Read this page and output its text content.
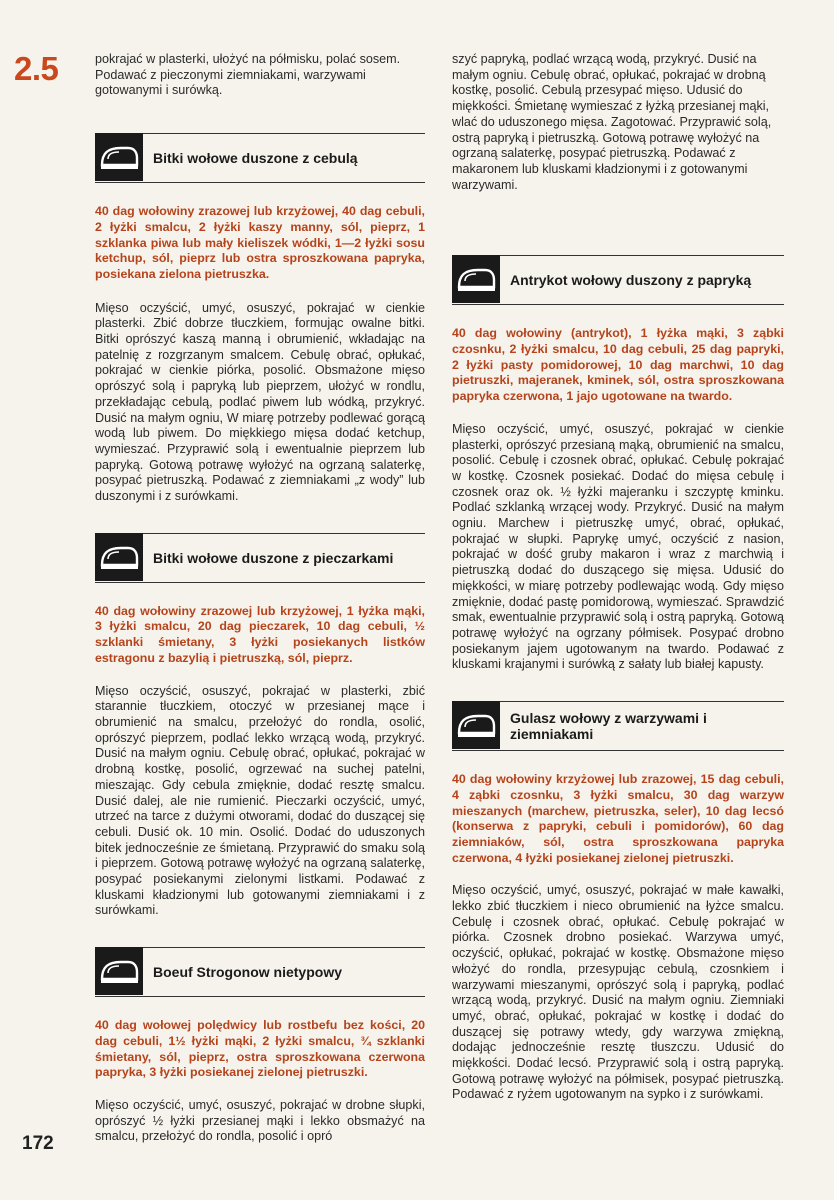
2.5	pokrajać w plasterki, ułożyć na półmisku, polać sosem. Podawać z pieczonymi ziemniakami, warzywami gotowanymi i surówką.

Bitki wołowe duszone z cebulą

40 dag wołowiny zrazowej lub krzyżowej, 40 dag cebuli, 2 łyżki smalcu, 2 łyżki kaszy manny, sól, pieprz, 1 szklanka piwa lub mały kieliszek wódki, 1—2 łyżki sosu ketchup, sól, pieprz lub ostra sproszkowana papryka, posiekana zielona pietruszka.

Mięso oczyścić, umyć, osuszyć, pokrajać w cienkie plasterki. Zbić dobrze tłuczkiem, formując owalne bitki. Bitki oprószyć kaszą manną i obrumienić, wkładając na patelnię z rozgrzanym smalcem. Cebulę obrać, opłukać, pokrajać w cienkie piórka, posolić. Obsmażone mięso oprószyć solą i papryką lub pieprzem, ułożyć w rondlu, przekładając cebulą, podlać piwem lub wódką, przykryć. Dusić na małym ogniu, W miarę potrzeby podlewać gorącą wodą lub piwem. Do miękkiego mięsa dodać ketchup, wymieszać. Przyprawić solą i ewentualnie pieprzem lub papryką. Gotową potrawę wyłożyć na ogrzaną salaterkę, posypać pietruszką. Podawać z ziemniakami „z wody” lub duszonymi i z surówkami.

Bitki wołowe duszone z pieczarkami

40 dag wołowiny zrazowej lub krzyżowej, 1 łyżka mąki, 3 łyżki smalcu, 20 dag pieczarek, 10 dag cebuli, ½ szklanki śmietany, 3 łyżki posiekanych listków estragonu z bazylią i pietruszką, sól, pieprz.

Mięso oczyścić, osuszyć, pokrajać w plasterki, zbić starannie tłuczkiem, otoczyć w przesianej mące i obrumienić na smalcu, przełożyć do rondla, osolić, oprószyć pieprzem, podlać lekko wrzącą wodą, przykryć. Dusić na małym ogniu. Cebulę obrać, opłukać, pokrajać w drobną kostkę, posolić, ogrzewać na suchej patelni, mieszając. Gdy cebula zmięknie, dodać resztę smalcu. Dusić dalej, ale nie rumienić. Pieczarki oczyścić, umyć, utrzeć na tarce z dużymi otworami, dodać do duszącej się cebuli. Dusić ok. 10 min. Osolić. Dodać do uduszonych bitek jednocześnie ze śmietaną. Przyprawić do smaku solą i pieprzem. Gotową potrawę wyłożyć na ogrzaną salaterkę, posypać posiekanymi zielonymi listkami. Podawać z kluskami kładzionymi lub gotowanymi ziemniakami i z surówkami.

Boeuf Strogonow nietypowy

40 dag wołowej polędwicy lub rostbefu bez kości, 20 dag cebuli, 1½ łyżki mąki, 2 łyżki smalcu, ¾ szklanki śmietany, sól, pieprz, ostra sproszkowana czerwona papryka, 3 łyżki posiekanej zielonej pietruszki.

Mięso oczyścić, umyć, osuszyć, pokrajać w drobne słupki, oprószyć ½ łyżki przesianej mąki i lekko obsmażyć na smalcu, przełożyć do rondla, posolić i opró

szyć papryką, podlać wrzącą wodą, przykryć. Dusić na małym ogniu. Cebulę obrać, opłukać, pokrajać w drobną kostkę, posolić. Cebulą przesypać mięso. Udusić do miękkości. Śmietanę wymieszać z łyżką przesianej mąki, wlać do uduszonego mięsa. Zagotować. Przyprawić solą, ostrą papryką i pietruszką. Gotową potrawę wyłożyć na ogrzaną salaterkę, posypać pietruszką. Podawać z makaronem lub kluskami kładzionymi i z gotowanymi warzywami.

Antrykot wołowy duszony z papryką

40 dag wołowiny (antrykot), 1 łyżka mąki, 3 ząbki czosnku, 2 łyżki smalcu, 10 dag cebuli, 25 dag papryki, 2 łyżki pasty pomidorowej, 10 dag marchwi, 10 dag pietruszki, majeranek, kminek, sól, ostra sproszkowana papryka czerwona, 1 jajo ugotowane na twardo.

Mięso oczyścić, umyć, osuszyć, pokrajać w cienkie plasterki, oprószyć przesianą mąką, obrumienić na smalcu, posolić. Cebulę i czosnek obrać, opłukać. Cebulę pokrajać w kostkę. Czosnek posiekać. Dodać do mięsa cebulę i czosnek oraz ok. ½ łyżki majeranku i szczyptę kminku. Podlać szklanką wrzącej wody. Przykryć. Dusić na małym ogniu. Marchew i pietruszkę umyć, obrać, opłukać, pokrajać w słupki. Paprykę umyć, oczyścić z nasion, pokrajać w dość gruby makaron i wraz z marchwią i pietruszką dodać do duszącego się mięsa. Udusić do miękkości, w miarę potrzeby podlewając wodą. Gdy mięso zmięknie, dodać pastę pomidorową, wymieszać. Sprawdzić smak, ewentualnie przyprawić solą i ostrą papryką. Gotową potrawę wyłożyć na ogrzany półmisek. Posypać drobno posiekanym jajem ugotowanym na twardo. Podawać z kluskami krajanymi i surówką z sałaty lub białej kapusty.

Gulasz wołowy z warzywami i ziemniakami

40 dag wołowiny krzyżowej lub zrazowej, 15 dag cebuli, 4 ząbki czosnku, 3 łyżki smalcu, 30 dag warzyw mieszanych (marchew, pietruszka, seler), 10 dag lecsó (konserwa z papryki, cebuli i pomidorów), 60 dag ziemniaków, sól, ostra sproszkowana papryka czerwona, 4 łyżki posiekanej zielonej pietruszki.

Mięso oczyścić, umyć, osuszyć, pokrajać w małe kawałki, lekko zbić tłuczkiem i nieco obrumienić na łyżce smalcu. Cebulę i czosnek obrać, opłukać. Cebulę pokrajać w piórka. Czosnek drobno posiekać. Warzywa umyć, oczyścić, opłukać, pokrajać w kostkę. Obsmażone mięso włożyć do rondla, przesypując cebulą, czosnkiem i warzywami mieszanymi, oprószyć solą i papryką, podlać wrzącą wodą, przykryć. Dusić na małym ogniu. Ziemniaki umyć, obrać, opłukać, pokrajać w kostkę i dodać do duszącej się potrawy wtedy, gdy warzywa zmiękną, dodając jednocześnie resztę tłuszczu. Udusić do miękkości. Dodać lecsó. Przyprawić solą i ostrą papryką. Gotową potrawę wyłożyć na półmisek, posypać pietruszką. Podawać z ryżem ugotowanym na sypko i z surówkami.

172
